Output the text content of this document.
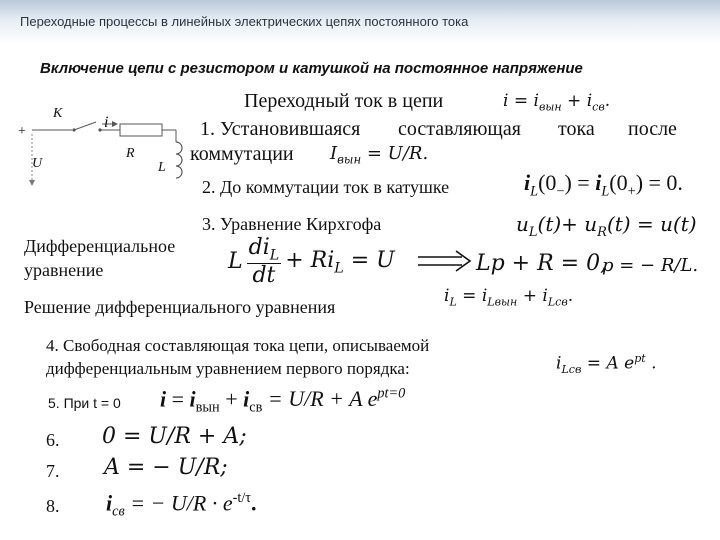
Переходные процессы в линейных электрических цепях постоянного тока
Включение цепи с резистором и катушкой на постоянное напряжение
K
i
R
L
U
+
Переходный ток в цепи	$i = i_{вын} + i_{св}$.
1. Установившаяся составляющая тока после
коммутации $I_{вын} = U/R$.
2. До коммутации ток в катушке	$i_L(0_-) = i_L(0_+) = 0$.
3. Уравнение Кирхгофа	$u_L(t)+ u_R(t) = u(t)$
Дифференциальное
уравнение	L $\frac{di_L}{dt} + Ri_L = U$	Lp + R = 0,
p = − R/L.
Решение дифференциального уравнения
$i_L = i_{Lвын} + i_{Lсв}$.
4. Свободная составляющая тока цепи, описываемой
дифференциальным уравнением первого порядка:	$i_{Lсв} = A$ $e^{pt}$ .
5. При t = 0 $i = i_{вын} + i_{св} = U/R + A$ $e^{pt=0}$
6. 0 = U/R + A;
7. A = − U/R;
8. $i_{св}$ = − $U/R \cdot e^{-t/\tau}$.
